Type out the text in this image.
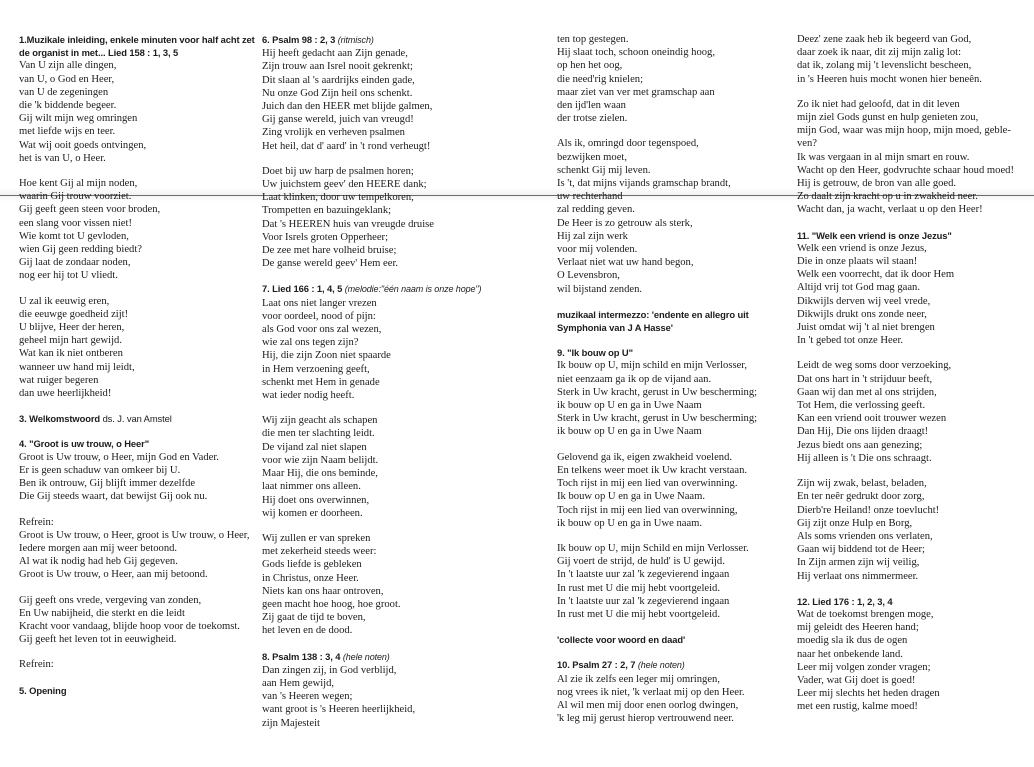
1.Muzikale inleiding, enkele minuten voor half acht zet
de organist in met... Lied 158 : 1, 3, 5
Van U zijn alle dingen,
van U, o God en Heer,
van U de zegeningen
die 'k biddende begeer.
Gij wilt mijn weg omringen
met liefde wijs en teer.
Wat wij ooit goeds ontvingen,
het is van U, o Heer.
Hoe kent Gij al mijn noden,
waarin Gij trouw voorziet.
Gij geeft geen steen voor broden,
een slang voor vissen niet!
Wie komt tot U gevloden,
wien Gij geen redding biedt?
Gij laat de zondaar noden,
nog eer hij tot U vliedt.
U zal ik eeuwig eren,
die eeuwge goedheid zijt!
U blijve, Heer der heren,
geheel mijn hart gewijd.
Wat kan ik niet ontberen
wanneer uw hand mij leidt,
wat ruiger begeren
dan uwe heerlijkheid!
3. Welkomstwoord ds. J. van Amstel
4. "Groot is uw trouw, o Heer"
Groot is Uw trouw, o Heer, mijn God en Vader.
Er is geen schaduw van omkeer bij U.
Ben ik ontrouw, Gij blijft immer dezelfde
Die Gij steeds waart, dat bewijst Gij ook nu.
Refrein:
Groot is Uw trouw, o Heer, groot is Uw trouw, o Heer,
Iedere morgen aan mij weer betoond.
Al wat ik nodig had heb Gij gegeven.
Groot is Uw trouw, o Heer, aan mij betoond.
Gij geeft ons vrede, vergeving van zonden,
En Uw nabijheid, die sterkt en die leidt
Kracht voor vandaag, blijde hoop voor de toekomst.
Gij geeft het leven tot in eeuwigheid.
Refrein:
5. Opening
6. Psalm 98 : 2, 3 (ritmisch)
Hij heeft gedacht aan Zijn genade,
Zijn trouw aan Isrel nooit gekrenkt;
Dit slaan al 's aardrijks einden gade,
Nu onze God Zijn heil ons schenkt.
Juich dan den HEER met blijde galmen,
Gij ganse wereld, juich van vreugd!
Zing vrolijk en verheven psalmen
Het heil, dat d' aard' in 't rond verheugt!
Doet bij uw harp de psalmen horen;
Uw juichstem geev' den HEERE dank;
Laat klinken, door uw tempelkoren,
Trompetten en bazuingeklank;
Dat 's HEEREN huis van vreugde druise
Voor Isrels groten Opperheer;
De zee met hare volheid bruise;
De ganse wereld geev' Hem eer.
7. Lied 166 : 1, 4, 5 (melodie:"één naam is onze hope")
Laat ons niet langer vrezen
voor oordeel, nood of pijn:
als God voor ons zal wezen,
wie zal ons tegen zijn?
Hij, die zijn Zoon niet spaarde
in Hem verzoening geeft,
schenkt met Hem in genade
wat ieder nodig heeft.
Wij zijn geacht als schapen
die men ter slachting leidt.
De vijand zal niet slapen
voor wie zijn Naam belijdt.
Maar Hij, die ons beminde,
laat nimmer ons alleen.
Hij doet ons overwinnen,
wij komen er doorheen.
Wij zullen er van spreken
met zekerheid steeds weer:
Gods liefde is gebleken
in Christus, onze Heer.
Niets kan ons haar ontroven,
geen macht hoe hoog, hoe groot.
Zij gaat de tijd te boven,
het leven en de dood.
8. Psalm 138 : 3, 4 (hele noten)
Dan zingen zij, in God verblijd,
aan Hem gewijd,
van 's Heeren wegen;
want groot is 's Heeren heerlijkheid,
zijn Majesteit
ten top gestegen.
Hij slaat toch, schoon oneindig hoog,
op hen het oog,
die need'rig knielen;
maar ziet van ver met gramschap aan
den ijd'len waan
der trotse zielen.
Als ik, omringd door tegenspoed,
bezwijken moet,
schenkt Gij mij leven.
Is 't, dat mijns vijands gramschap brandt,
uw rechterhand
zal redding geven.
De Heer is zo getrouw als sterk,
Hij zal zijn werk
voor mij volenden.
Verlaat niet wat uw hand begon,
O Levensbron,
wil bijstand zenden.
muzikaal intermezzo: 'endente en allegro uit
Symphonia van J A Hasse'
9. "Ik bouw op U"
Ik bouw op U, mijn schild en mijn Verlosser,
niet eenzaam ga ik op de vijand aan.
Sterk in Uw kracht, gerust in Uw bescherming;
ik bouw op U en ga in Uwe Naam
Sterk in Uw kracht, gerust in Uw bescherming;
ik bouw op U en ga in Uwe Naam
Gelovend ga ik, eigen zwakheid voelend.
En telkens weer moet ik Uw kracht verstaan.
Toch rijst in mij een lied van overwinning.
Ik bouw op U en ga in Uwe Naam.
Toch rijst in mij een lied van overwinning,
ik bouw op U en ga in Uwe naam.
Ik bouw op U, mijn Schild en mijn Verlosser.
Gij voert de strijd, de huld' is U gewijd.
In 't laatste uur zal 'k zegevierend ingaan
In rust met U die mij hebt voortgeleid.
In 't laatste uur zal 'k zegevierend ingaan
In rust met U die mij hebt voortgeleid.
'collecte voor woord en daad'
10. Psalm 27 : 2, 7 (hele noten)
Al zie ik zelfs een leger mij omringen,
nog vrees ik niet, 'k verlaat mij op den Heer.
Al wil men mij door enen oorlog dwingen,
'k leg mij gerust hierop vertrouwend neer.
Deez' zene zaak heb ik begeerd van God,
daar zoek ik naar, dit zij mijn zalig lot:
dat ik, zolang mij 't levenslicht bescheen,
in 's Heeren huis mocht wonen hier beneên.
Zo ik niet had geloofd, dat in dit leven
mijn ziel Gods gunst en hulp genieten zou,
mijn God, waar was mijn hoop, mijn moed, geble-
ven?
Ik was vergaan in al mijn smart en rouw.
Wacht op den Heer, godvruchte schaar houd moed!
Hij is getrouw, de bron van alle goed.
Zo daalt zijn kracht op u in zwakheid neer.
Wacht dan, ja wacht, verlaat u op den Heer!
11. "Welk een vriend is onze Jezus"
Welk een vriend is onze Jezus,
Die in onze plaats wil staan!
Welk een voorrecht, dat ik door Hem
Altijd vrij tot God mag gaan.
Dikwijls derven wij veel vrede,
Dikwijls drukt ons zonde neer,
Juist omdat wij 't al niet brengen
In 't gebed tot onze Heer.
Leidt de weg soms door verzoeking,
Dat ons hart in 't strijduur beeft,
Gaan wij dan met al ons strijden,
Tot Hem, die verlossing geeft.
Kan een vriend ooit trouwer wezen
Dan Hij, Die ons lijden draagt!
Jezus biedt ons aan genezing;
Hij alleen is 't Die ons schraagt.
Zijn wij zwak, belast, beladen,
En ter neêr gedrukt door zorg,
Dierb're Heiland! onze toevlucht!
Gij zijt onze Hulp en Borg,
Als soms vrienden ons verlaten,
Gaan wij biddend tot de Heer;
In Zijn armen zijn wij veilig,
Hij verlaat ons nimmermeer.
12. Lied 176 : 1, 2, 3, 4
Wat de toekomst brengen moge,
mij geleidt des Heeren hand;
moedig sla ik dus de ogen
naar het onbekende land.
Leer mij volgen zonder vragen;
Vader, wat Gij doet is goed!
Leer mij slechts het heden dragen
met een rustig, kalme moed!
